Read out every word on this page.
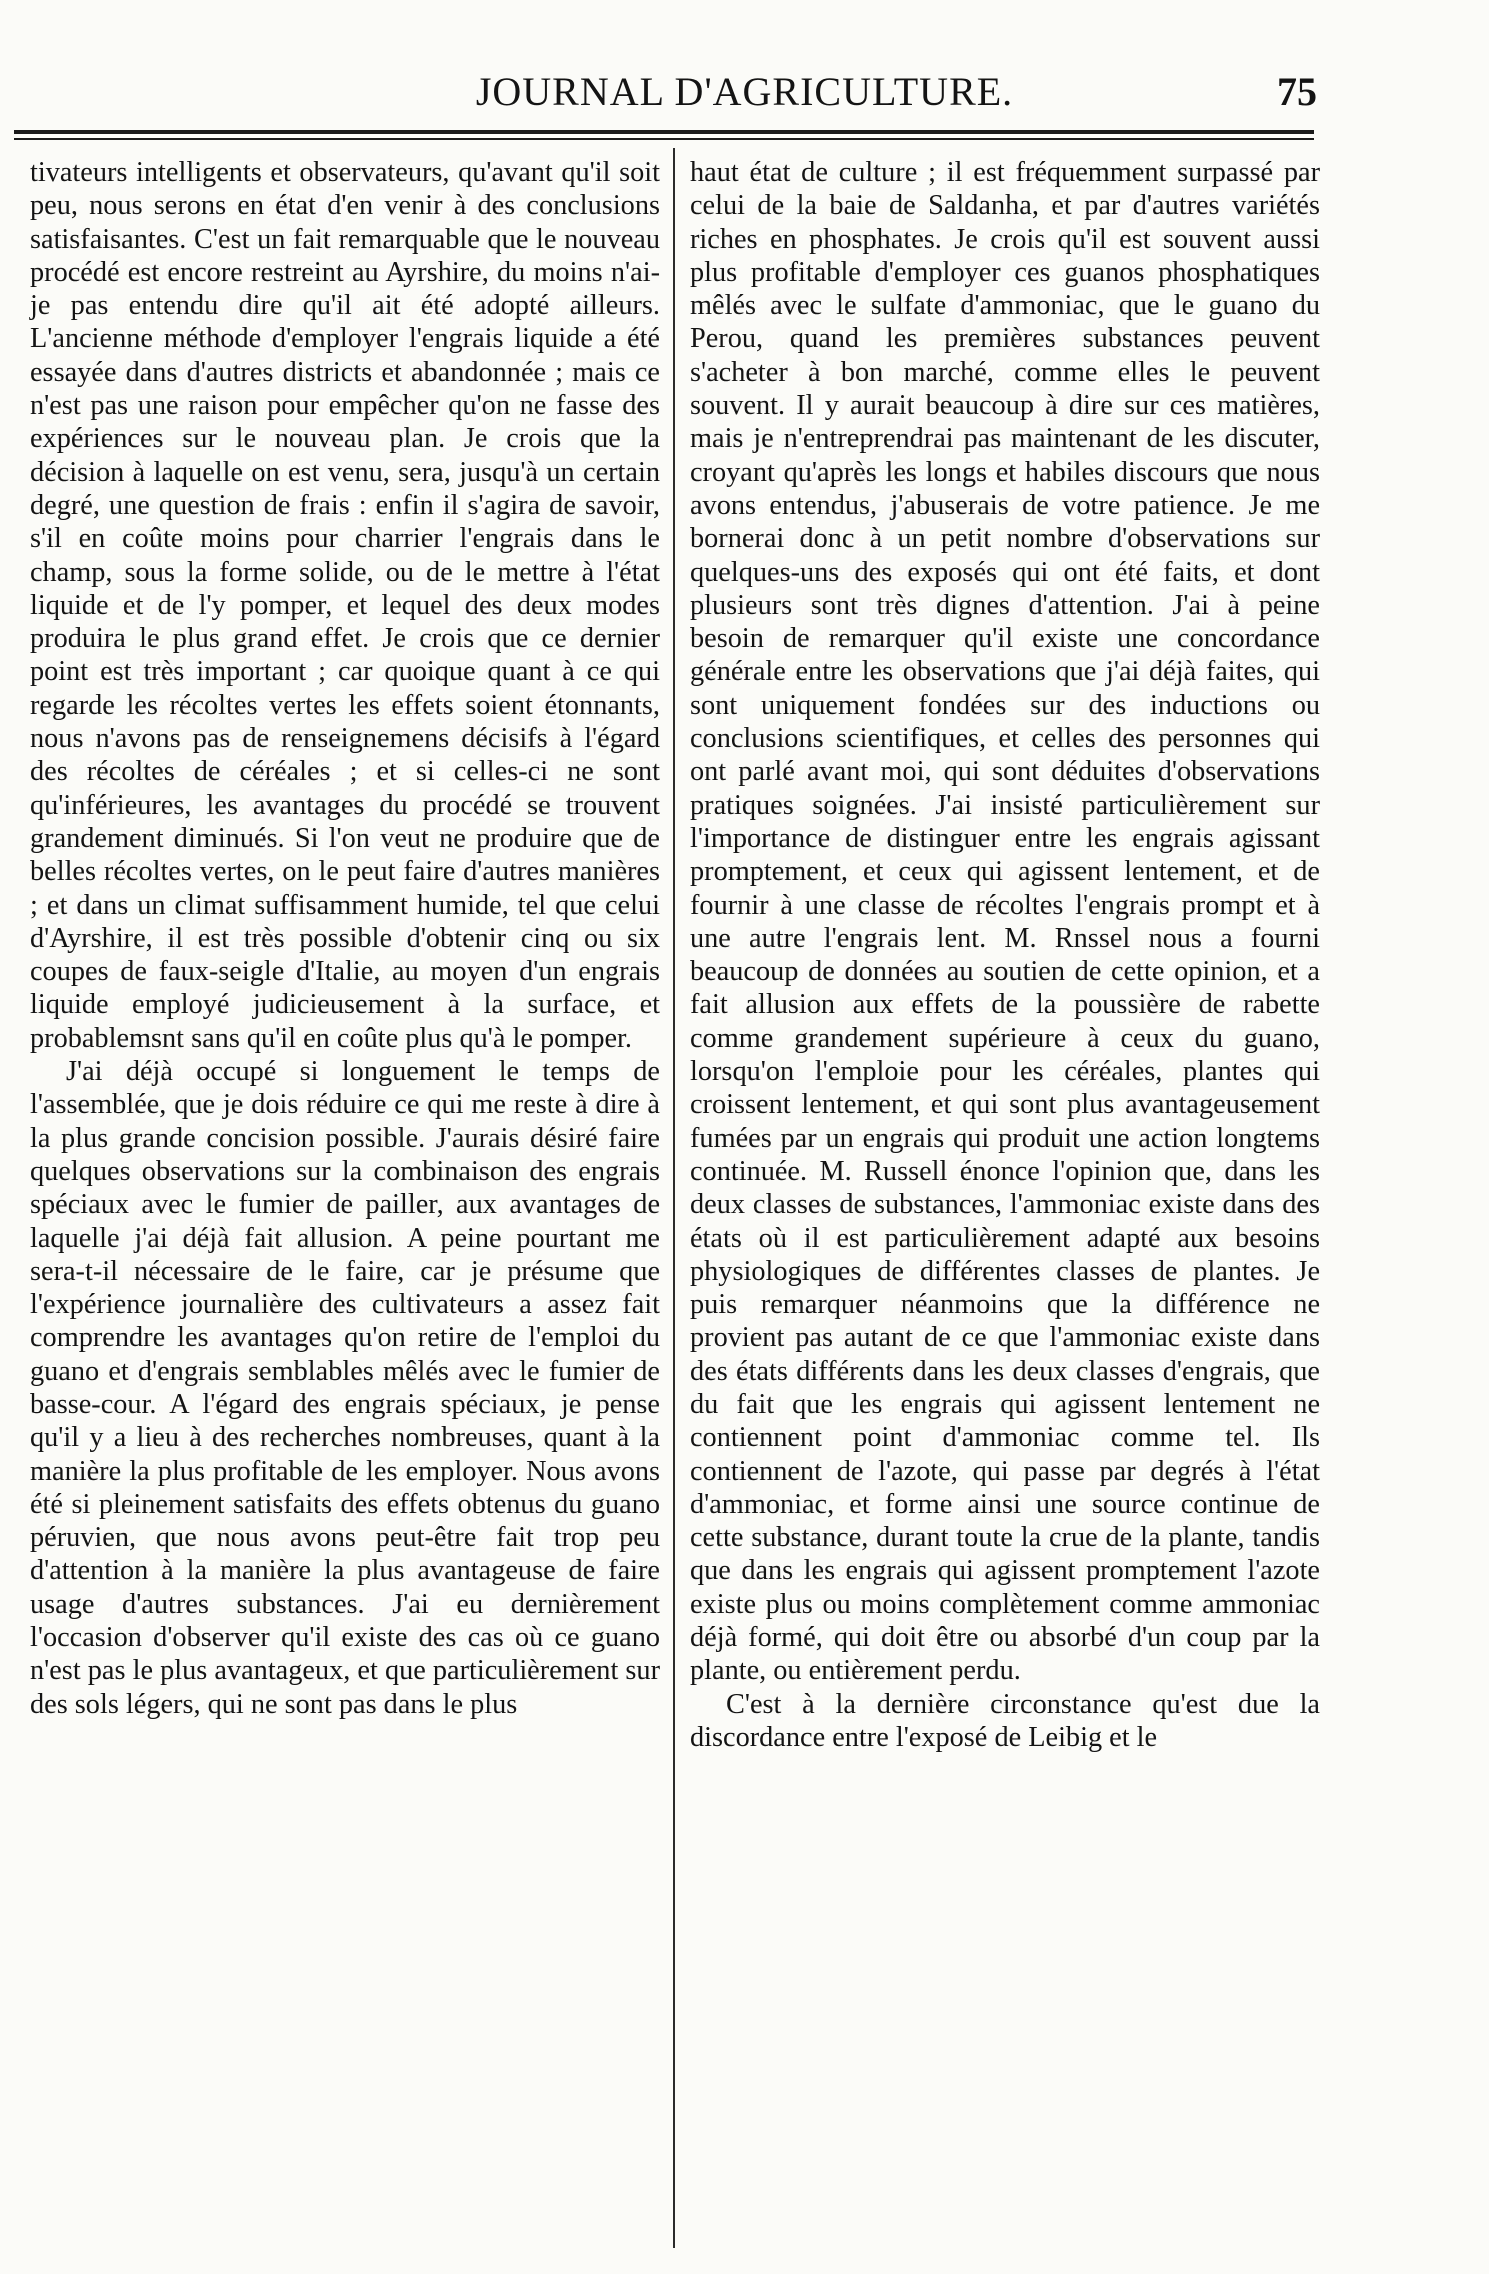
JOURNAL D'AGRICULTURE.	75

tivateurs intelligents et observateurs, qu'avant qu'il soit peu, nous serons en état d'en venir à des conclusions satisfaisantes. C'est un fait remarquable que le nouveau procédé est encore restreint au Ayrshire, du moins n'ai-je pas entendu dire qu'il ait été adopté ailleurs. L'ancienne méthode d'employer l'engrais liquide a été essayée dans d'autres districts et abandonnée ; mais ce n'est pas une raison pour empêcher qu'on ne fasse des expériences sur le nouveau plan. Je crois que la décision à laquelle on est venu, sera, jusqu'à un certain degré, une question de frais : enfin il s'agira de savoir, s'il en coûte moins pour charrier l'engrais dans le champ, sous la forme solide, ou de le mettre à l'état liquide et de l'y pomper, et lequel des deux modes produira le plus grand effet. Je crois que ce dernier point est très important ; car quoique quant à ce qui regarde les récoltes vertes les effets soient étonnants, nous n'avons pas de renseignemens décisifs à l'égard des récoltes de céréales ; et si celles-ci ne sont qu'inférieures, les avantages du procédé se trouvent grandement diminués. Si l'on veut ne produire que de belles récoltes vertes, on le peut faire d'autres manières ; et dans un climat suffisamment humide, tel que celui d'Ayrshire, il est très possible d'obtenir cinq ou six coupes de faux-seigle d'Italie, au moyen d'un engrais liquide employé judicieusement à la surface, et probablemsnt sans qu'il en coûte plus qu'à le pomper.

J'ai déjà occupé si longuement le temps de l'assemblée, que je dois réduire ce qui me reste à dire à la plus grande concision possible. J'aurais désiré faire quelques observations sur la combinaison des engrais spéciaux avec le fumier de pailler, aux avantages de laquelle j'ai déjà fait allusion. A peine pourtant me sera-t-il nécessaire de le faire, car je présume que l'expérience journalière des cultivateurs a assez fait comprendre les avantages qu'on retire de l'emploi du guano et d'engrais semblables mêlés avec le fumier de basse-cour. A l'égard des engrais spéciaux, je pense qu'il y a lieu à des recherches nombreuses, quant à la manière la plus profitable de les employer. Nous avons été si pleinement satisfaits des effets obtenus du guano péruvien, que nous avons peut-être fait trop peu d'attention à la manière la plus avantageuse de faire usage d'autres substances. J'ai eu dernièrement l'occasion d'observer qu'il existe des cas où ce guano n'est pas le plus avantageux, et que particulièrement sur des sols légers, qui ne sont pas dans le plus

haut état de culture ; il est fréquemment surpassé par celui de la baie de Saldanha, et par d'autres variétés riches en phosphates. Je crois qu'il est souvent aussi plus profitable d'employer ces guanos phosphatiques mêlés avec le sulfate d'ammoniac, que le guano du Perou, quand les premières substances peuvent s'acheter à bon marché, comme elles le peuvent souvent. Il y aurait beaucoup à dire sur ces matières, mais je n'entreprendrai pas maintenant de les discuter, croyant qu'après les longs et habiles discours que nous avons entendus, j'abuserais de votre patience. Je me bornerai donc à un petit nombre d'observations sur quelques-uns des exposés qui ont été faits, et dont plusieurs sont très dignes d'attention. J'ai à peine besoin de remarquer qu'il existe une concordance générale entre les observations que j'ai déjà faites, qui sont uniquement fondées sur des inductions ou conclusions scientifiques, et celles des personnes qui ont parlé avant moi, qui sont déduites d'observations pratiques soignées. J'ai insisté particulièrement sur l'importance de distinguer entre les engrais agissant promptement, et ceux qui agissent lentement, et de fournir à une classe de récoltes l'engrais prompt et à une autre l'engrais lent. M. Rnssel nous a fourni beaucoup de données au soutien de cette opinion, et a fait allusion aux effets de la poussière de rabette comme grandement supérieure à ceux du guano, lorsqu'on l'emploie pour les céréales, plantes qui croissent lentement, et qui sont plus avantageusement fumées par un engrais qui produit une action longtems continuée. M. Russell énonce l'opinion que, dans les deux classes de substances, l'ammoniac existe dans des états où il est particulièrement adapté aux besoins physiologiques de différentes classes de plantes. Je puis remarquer néanmoins que la différence ne provient pas autant de ce que l'ammoniac existe dans des états différents dans les deux classes d'engrais, que du fait que les engrais qui agissent lentement ne contiennent point d'ammoniac comme tel. Ils contiennent de l'azote, qui passe par degrés à l'état d'ammoniac, et forme ainsi une source continue de cette substance, durant toute la crue de la plante, tandis que dans les engrais qui agissent promptement l'azote existe plus ou moins complètement comme ammoniac déjà formé, qui doit être ou absorbé d'un coup par la plante, ou entièrement perdu.

C'est à la dernière circonstance qu'est due la discordance entre l'exposé de Leibig et le
